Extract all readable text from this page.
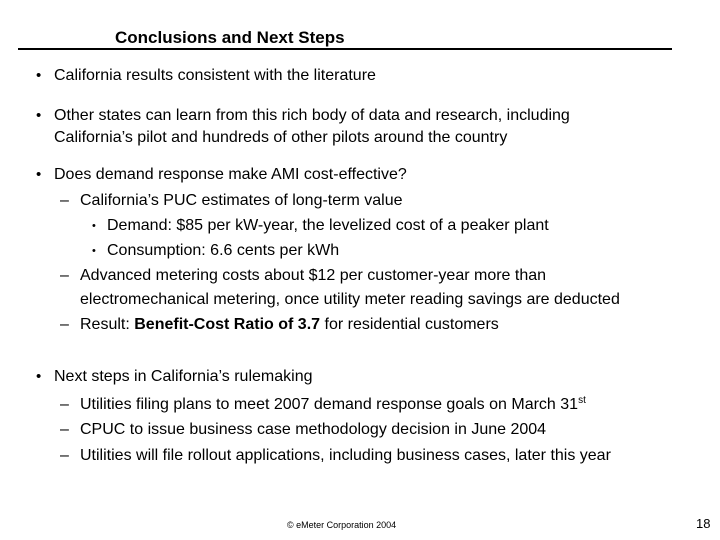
Conclusions and Next Steps
• California results consistent with the literature
• Other states can learn from this rich body of data and research, including
California’s pilot and hundreds of other pilots around the country
• Does demand response make AMI cost-effective?
– California’s PUC estimates of long-term value
• Demand: $85 per kW-year, the levelized cost of a peaker plant
• Consumption: 6.6 cents per kWh
– Advanced metering costs about $12 per customer-year more than
electromechanical metering, once utility meter reading savings are deducted
– Result: Benefit-Cost Ratio of 3.7 for residential customers
• Next steps in California’s rulemaking
– Utilities filing plans to meet 2007 demand response goals on March 31st
– CPUC to issue business case methodology decision in June 2004
– Utilities will file rollout applications, including business cases, later this year
© eMeter Corporation 2004	18
